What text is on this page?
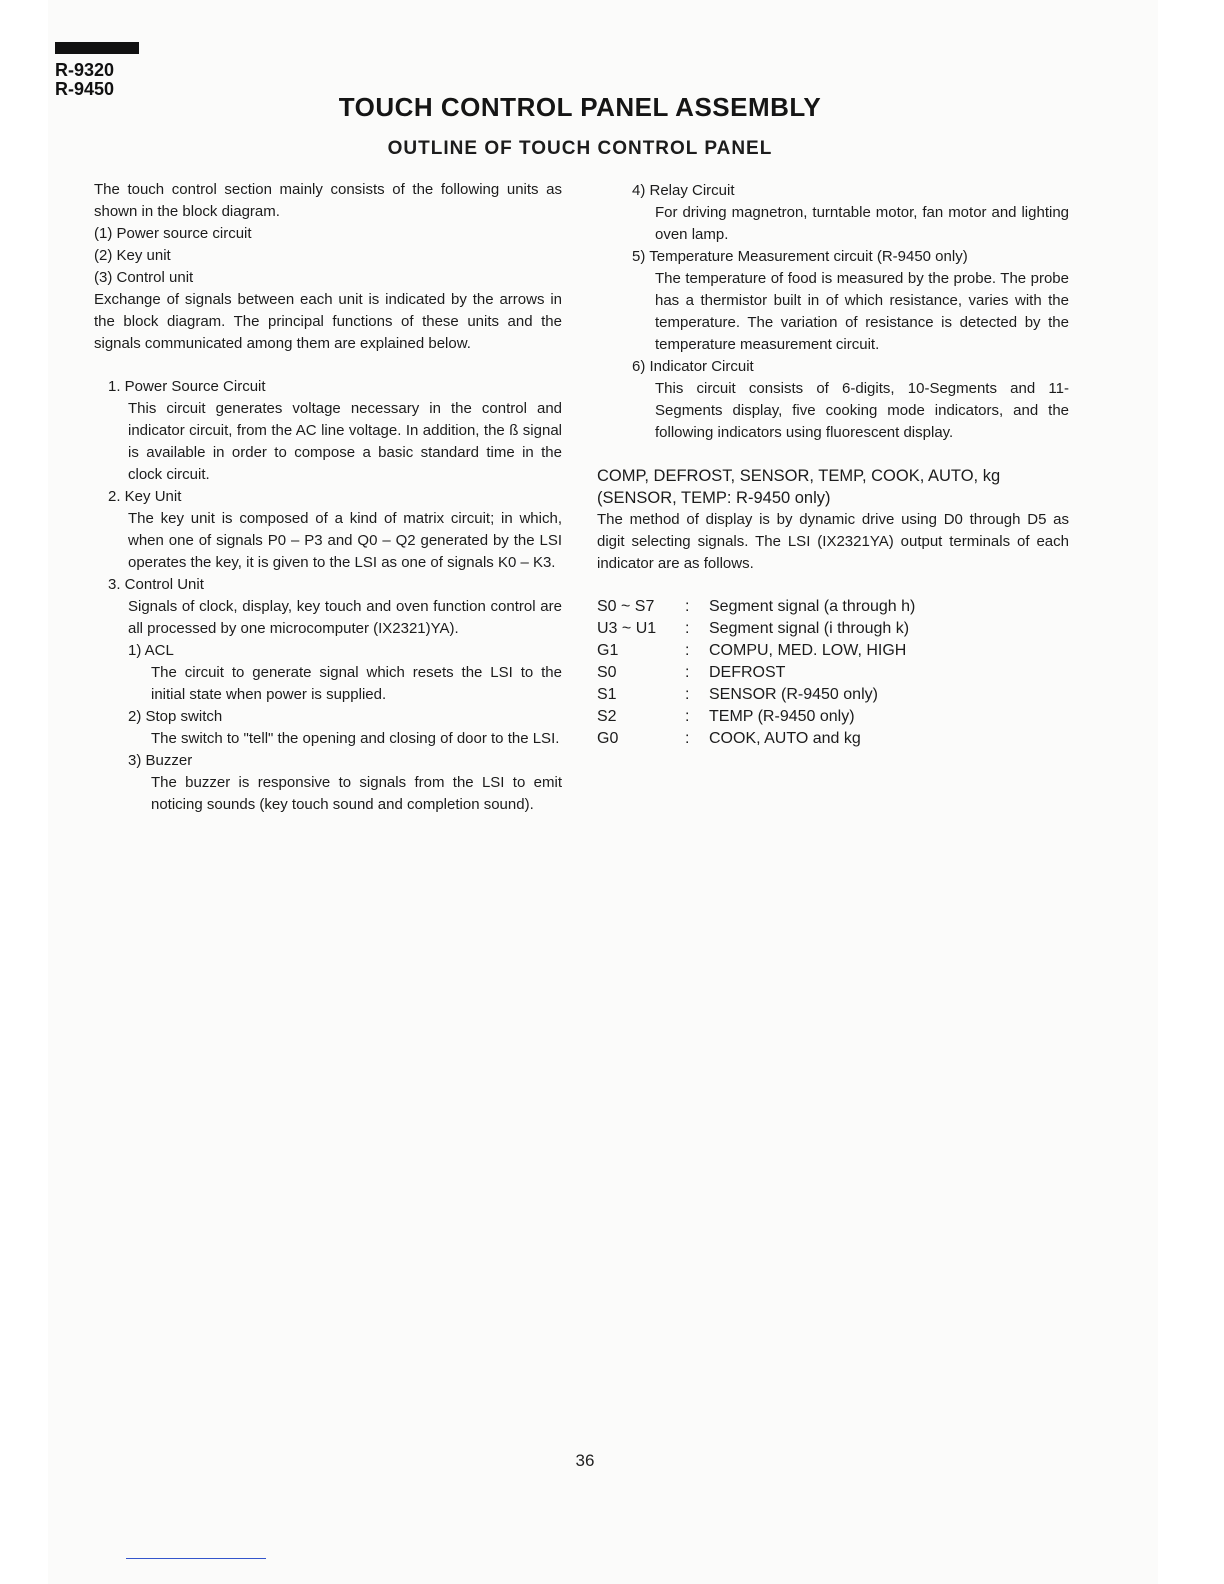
R-9320
R-9450
TOUCH CONTROL PANEL ASSEMBLY
OUTLINE OF TOUCH CONTROL PANEL

The touch control section mainly consists of the following units as shown in the block diagram.

(1) Power source circuit

(2) Key unit

(3) Control unit

Exchange of signals between each unit is indicated by the arrows in the block diagram. The principal functions of these units and the signals communicated among them are explained below.

1. Power Source Circuit

This circuit generates voltage necessary in the control and indicator circuit, from the AC line voltage. In addition, the ß signal is available in order to compose a basic standard time in the clock circuit.

2. Key Unit

The key unit is composed of a kind of matrix circuit; in which, when one of signals P0 – P3 and Q0 – Q2 generated by the LSI operates the key, it is given to the LSI as one of signals K0 – K3.

3. Control Unit

Signals of clock, display, key touch and oven function control are all processed by one microcomputer (IX2321)YA).

1) ACL

The circuit to generate signal which resets the LSI to the initial state when power is supplied.

2) Stop switch

The switch to "tell" the opening and closing of door to the LSI.

3) Buzzer

The buzzer is responsive to signals from the LSI to emit noticing sounds (key touch sound and completion sound).

4) Relay Circuit

For driving magnetron, turntable motor, fan motor and lighting oven lamp.

5) Temperature Measurement circuit (R-9450 only)

The temperature of food is measured by the probe. The probe has a thermistor built in of which resistance, varies with the temperature. The variation of resistance is detected by the temperature measurement circuit.

6) Indicator Circuit

This circuit consists of 6-digits, 10-Segments and 11-Segments display, five cooking mode indicators, and the following indicators using fluorescent display.

COMP, DEFROST, SENSOR, TEMP, COOK, AUTO, kg

(SENSOR, TEMP: R-9450 only)

The method of display is by dynamic drive using D0 through D5 as digit selecting signals. The LSI (IX2321YA) output terminals of each indicator are as follows.

S0 ~ S7	:	Segment signal (a through h)
U3 ~ U1	:	Segment signal (i through k)
G1	:	COMPU, MED. LOW, HIGH
S0	:	DEFROST
S1	:	SENSOR (R-9450 only)
S2	:	TEMP (R-9450 only)
G0	:	COOK, AUTO and kg
36
